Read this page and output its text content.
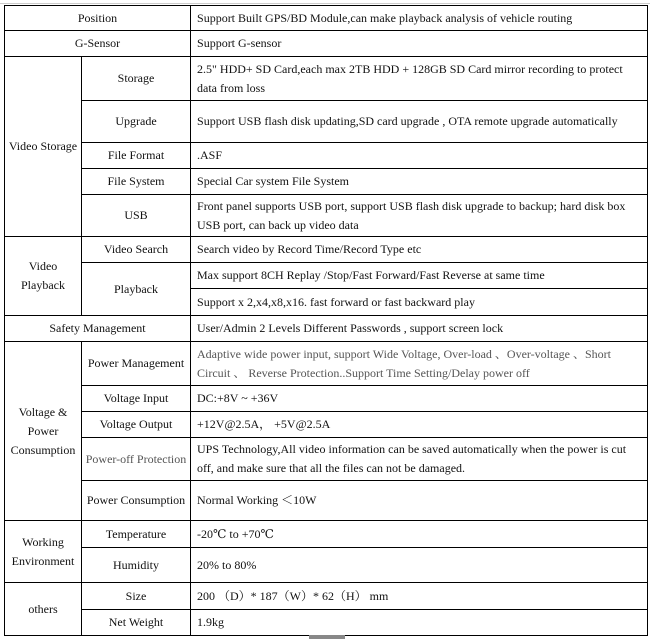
Position		Support Built GPS/BD Module,can make playback analysis of vehicle routing
G-Sensor		Support G-sensor
Video Storage	Storage	2.5" HDD+ SD Card,each max 2TB HDD + 128GB SD Card mirror recording to protect data from loss
	Upgrade	Support USB flash disk updating,SD card upgrade , OTA remote upgrade automatically
	File Format	.ASF
	File System	Special Car system File System
	USB	Front panel supports USB port, support USB flash disk upgrade to backup; hard disk box USB port, can back up video data
Video Playback	Video Search	Search video by Record Time/Record Type etc
	Playback	Max support 8CH Replay /Stop/Fast Forward/Fast Reverse at same time
		Support x 2,x4,x8,x16. fast forward or fast backward play
Safety Management		User/Admin 2 Levels Different Passwords , support screen lock
Voltage & Power Consumption	Power Management	Adaptive wide power input, support Wide Voltage, Over-load 、Over-voltage 、Short Circuit 、 Reverse Protection..Support Time Setting/Delay power off
	Voltage Input	DC:+8V ~ +36V
	Voltage Output	+12V@2.5A， +5V@2.5A
	Power-off Protection	UPS Technology,All video information can be saved automatically when the power is cut off, and make sure that all the files can not be damaged.
	Power Consumption	Normal Working ＜10W
Working Environment	Temperature	-20℃ to +70℃
	Humidity	20% to 80%
others	Size	200 （D）* 187（W）* 62（H） mm
	Net Weight	1.9kg
